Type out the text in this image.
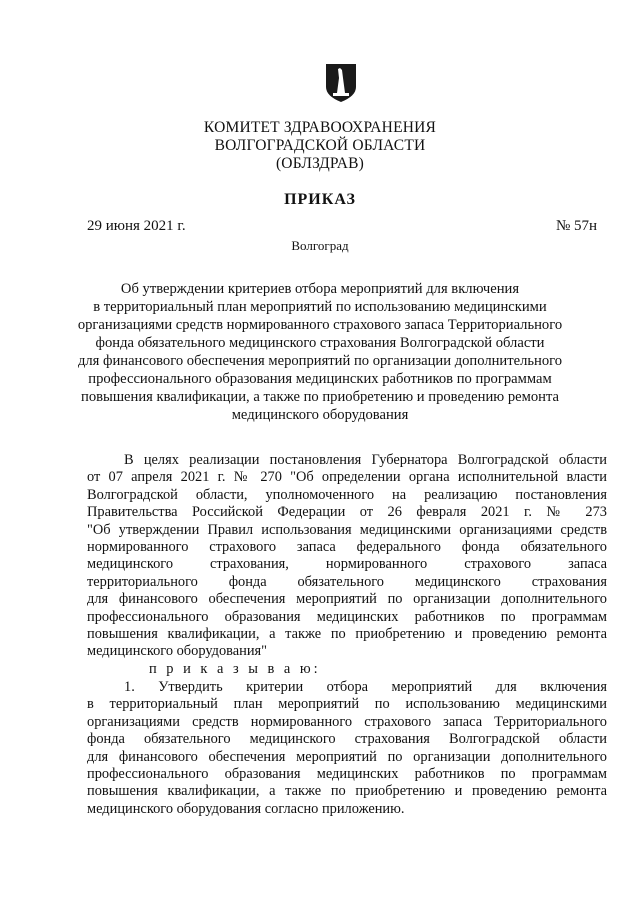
КОМИТЕТ ЗДРАВООХРАНЕНИЯ
ВОЛГОГРАДСКОЙ ОБЛАСТИ
(ОБЛЗДРАВ)
ПРИКАЗ
29 июня 2021 г.	№ 57н
Волгоград
Об утверждении критериев отбора мероприятий для включения
в территориальный план мероприятий по использованию медицинскими
организациями средств нормированного страхового запаса Территориального
фонда обязательного медицинского страхования Волгоградской области
для финансового обеспечения мероприятий по организации дополнительного
профессионального образования медицинских работников по программам
повышения квалификации, а также по приобретению и проведению ремонта
медицинского оборудования
В целях реализации постановления Губернатора Волгоградской области
от 07 апреля 2021 г. № 270 "Об определении органа исполнительной власти
Волгоградской области, уполномоченного на реализацию постановления
Правительства Российской Федерации от 26 февраля 2021 г. № 273
"Об утверждении Правил использования медицинскими организациями средств
нормированного страхового запаса федерального фонда обязательного
медицинского страхования, нормированного страхового запаса
территориального фонда обязательного медицинского страхования
для финансового обеспечения мероприятий по организации дополнительного
профессионального образования медицинских работников по программам
повышения квалификации, а также по приобретению и проведению ремонта
медицинского оборудования"
п р и к а з ы в а ю:
1. Утвердить критерии отбора мероприятий для включения
в территориальный план мероприятий по использованию медицинскими
организациями средств нормированного страхового запаса Территориального
фонда обязательного медицинского страхования Волгоградской области
для финансового обеспечения мероприятий по организации дополнительного
профессионального образования медицинских работников по программам
повышения квалификации, а также по приобретению и проведению ремонта
медицинского оборудования согласно приложению.
